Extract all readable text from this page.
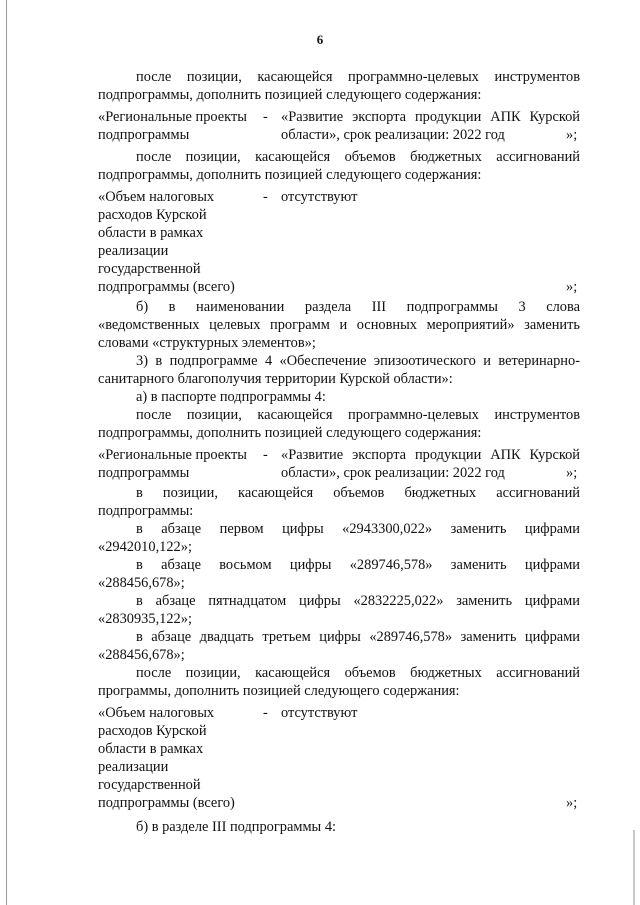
6
после позиции, касающейся программно-целевых инструментов
подпрограммы, дополнить позицией следующего содержания:
«Региональные проекты
подпрограммы
- «Развитие экспорта продукции АПК Курской
области», срок реализации: 2022 год	»;
после позиции, касающейся объемов бюджетных ассигнований
подпрограммы, дополнить позицией следующего содержания:
«Объем налоговых
расходов Курской
области в рамках
реализации
государственной
подпрограммы (всего)
- отсутствуют
»;
б) в наименовании раздела III подпрограммы 3 слова
«ведомственных целевых программ и основных мероприятий» заменить
словами «структурных элементов»;
3) в подпрограмме 4 «Обеспечение эпизоотического и ветеринарно-
санитарного благополучия территории Курской области»:
а) в паспорте подпрограммы 4:
после позиции, касающейся программно-целевых инструментов
подпрограммы, дополнить позицией следующего содержания:
«Региональные проекты
подпрограммы
- «Развитие экспорта продукции АПК Курской
области», срок реализации: 2022 год	»;
в позиции, касающейся объемов бюджетных ассигнований
подпрограммы:
в абзаце первом цифры «2943300,022» заменить цифрами
«2942010,122»;
в абзаце восьмом цифры «289746,578» заменить цифрами
«288456,678»;
в абзаце пятнадцатом цифры «2832225,022» заменить цифрами
«2830935,122»;
в абзаце двадцать третьем цифры «289746,578» заменить цифрами
«288456,678»;
после позиции, касающейся объемов бюджетных ассигнований
программы, дополнить позицией следующего содержания:
«Объем налоговых
расходов Курской
области в рамках
реализации
государственной
подпрограммы (всего)
- отсутствуют
»;
б) в разделе III подпрограммы 4:
